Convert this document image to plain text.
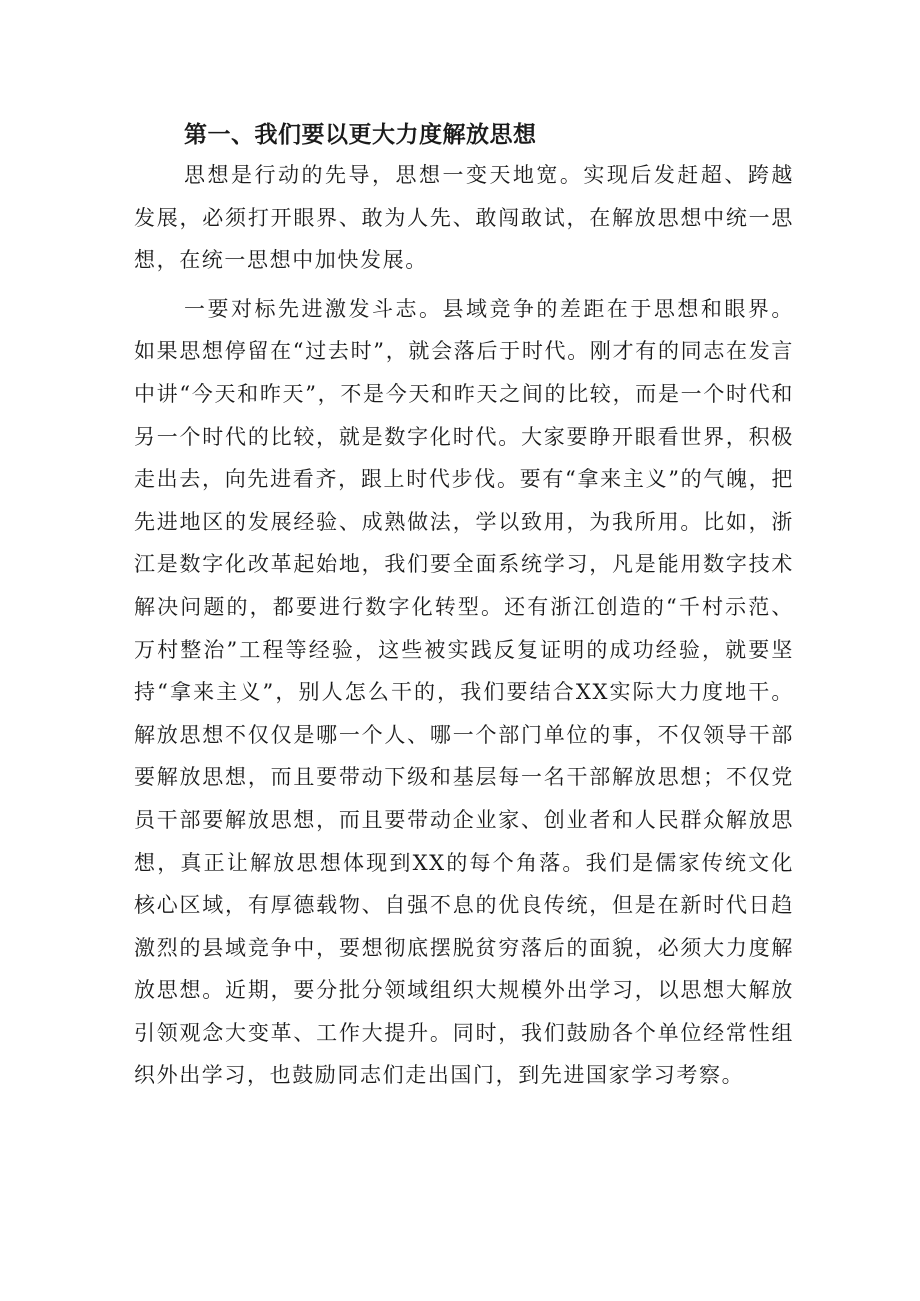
第一、我们要以更大力度解放思想

思想是行动的先导，思想一变天地宽。实现后发赶超、跨越发展，必须打开眼界、敢为人先、敢闯敢试，在解放思想中统一思想，在统一思想中加快发展。

一要对标先进激发斗志。县域竞争的差距在于思想和眼界。如果思想停留在“过去时”，就会落后于时代。刚才有的同志在发言中讲“今天和昨天”，不是今天和昨天之间的比较，而是一个时代和另一个时代的比较，就是数字化时代。大家要睁开眼看世界，积极走出去，向先进看齐，跟上时代步伐。要有“拿来主义”的气魄，把先进地区的发展经验、成熟做法，学以致用，为我所用。比如，浙江是数字化改革起始地，我们要全面系统学习，凡是能用数字技术解决问题的，都要进行数字化转型。还有浙江创造的“千村示范、万村整治”工程等经验，这些被实践反复证明的成功经验，就要坚持“拿来主义”，别人怎么干的，我们要结合XX实际大力度地干。解放思想不仅仅是哪一个人、哪一个部门单位的事，不仅领导干部要解放思想，而且要带动下级和基层每一名干部解放思想；不仅党员干部要解放思想，而且要带动企业家、创业者和人民群众解放思想，真正让解放思想体现到XX的每个角落。我们是儒家传统文化核心区域，有厚德载物、自强不息的优良传统，但是在新时代日趋激烈的县域竞争中，要想彻底摆脱贫穷落后的面貌，必须大力度解放思想。近期，要分批分领域组织大规模外出学习，以思想大解放引领观念大变革、工作大提升。同时，我们鼓励各个单位经常性组织外出学习，也鼓励同志们走出国门，到先进国家学习考察。
